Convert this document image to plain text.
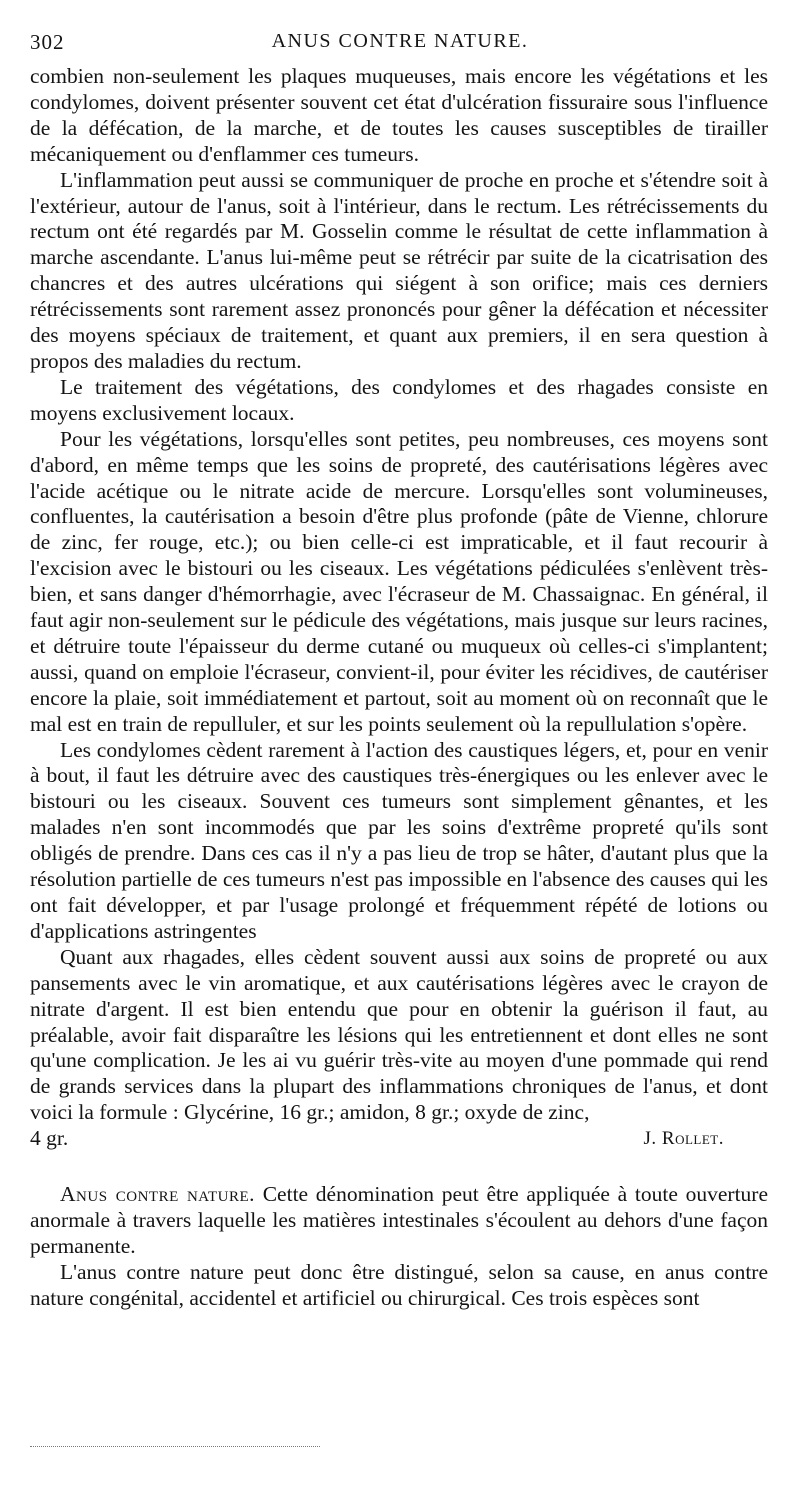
302	ANUS CONTRE NATURE.

combien non-seulement les plaques muqueuses, mais encore les végétations et les condylomes, doivent présenter souvent cet état d'ulcération fissuraire sous l'influence de la défécation, de la marche, et de toutes les causes susceptibles de tirailler mécaniquement ou d'enflammer ces tumeurs.

L'inflammation peut aussi se communiquer de proche en proche et s'étendre soit à l'extérieur, autour de l'anus, soit à l'intérieur, dans le rectum. Les rétrécissements du rectum ont été regardés par M. Gosselin comme le résultat de cette inflammation à marche ascendante. L'anus lui-même peut se rétrécir par suite de la cicatrisation des chancres et des autres ulcérations qui siégent à son orifice; mais ces derniers rétrécissements sont rarement assez prononcés pour gêner la défécation et nécessiter des moyens spéciaux de traitement, et quant aux premiers, il en sera question à propos des maladies du rectum.

Le traitement des végétations, des condylomes et des rhagades consiste en moyens exclusivement locaux.

Pour les végétations, lorsqu'elles sont petites, peu nombreuses, ces moyens sont d'abord, en même temps que les soins de propreté, des cautérisations légères avec l'acide acétique ou le nitrate acide de mercure. Lorsqu'elles sont volumineuses, confluentes, la cautérisation a besoin d'être plus profonde (pâte de Vienne, chlorure de zinc, fer rouge, etc.); ou bien celle-ci est impraticable, et il faut recourir à l'excision avec le bistouri ou les ciseaux. Les végétations pédiculées s'enlèvent très-bien, et sans danger d'hémorrhagie, avec l'écraseur de M. Chassaignac. En général, il faut agir non-seulement sur le pédicule des végétations, mais jusque sur leurs racines, et détruire toute l'épaisseur du derme cutané ou muqueux où celles-ci s'implantent; aussi, quand on emploie l'écraseur, convient-il, pour éviter les récidives, de cautériser encore la plaie, soit immédiatement et partout, soit au moment où on reconnaît que le mal est en train de repulluler, et sur les points seulement où la repullulation s'opère.

Les condylomes cèdent rarement à l'action des caustiques légers, et, pour en venir à bout, il faut les détruire avec des caustiques très-énergiques ou les enlever avec le bistouri ou les ciseaux. Souvent ces tumeurs sont simplement gênantes, et les malades n'en sont incommodés que par les soins d'extrême propreté qu'ils sont obligés de prendre. Dans ces cas il n'y a pas lieu de trop se hâter, d'autant plus que la résolution partielle de ces tumeurs n'est pas impossible en l'absence des causes qui les ont fait développer, et par l'usage prolongé et fréquemment répété de lotions ou d'applications astringentes

Quant aux rhagades, elles cèdent souvent aussi aux soins de propreté ou aux pansements avec le vin aromatique, et aux cautérisations légères avec le crayon de nitrate d'argent. Il est bien entendu que pour en obtenir la guérison il faut, au préalable, avoir fait disparaître les lésions qui les entretiennent et dont elles ne sont qu'une complication. Je les ai vu guérir très-vite au moyen d'une pommade qui rend de grands services dans la plupart des inflammations chroniques de l'anus, et dont voici la formule : Glycérine, 16 gr.; amidon, 8 gr.; oxyde de zinc,

4 gr.	J. Rollet.

Anus contre nature. Cette dénomination peut être appliquée à toute ouverture anormale à travers laquelle les matières intestinales s'écoulent au dehors d'une façon permanente.

L'anus contre nature peut donc être distingué, selon sa cause, en anus contre nature congénital, accidentel et artificiel ou chirurgical. Ces trois espèces sont
